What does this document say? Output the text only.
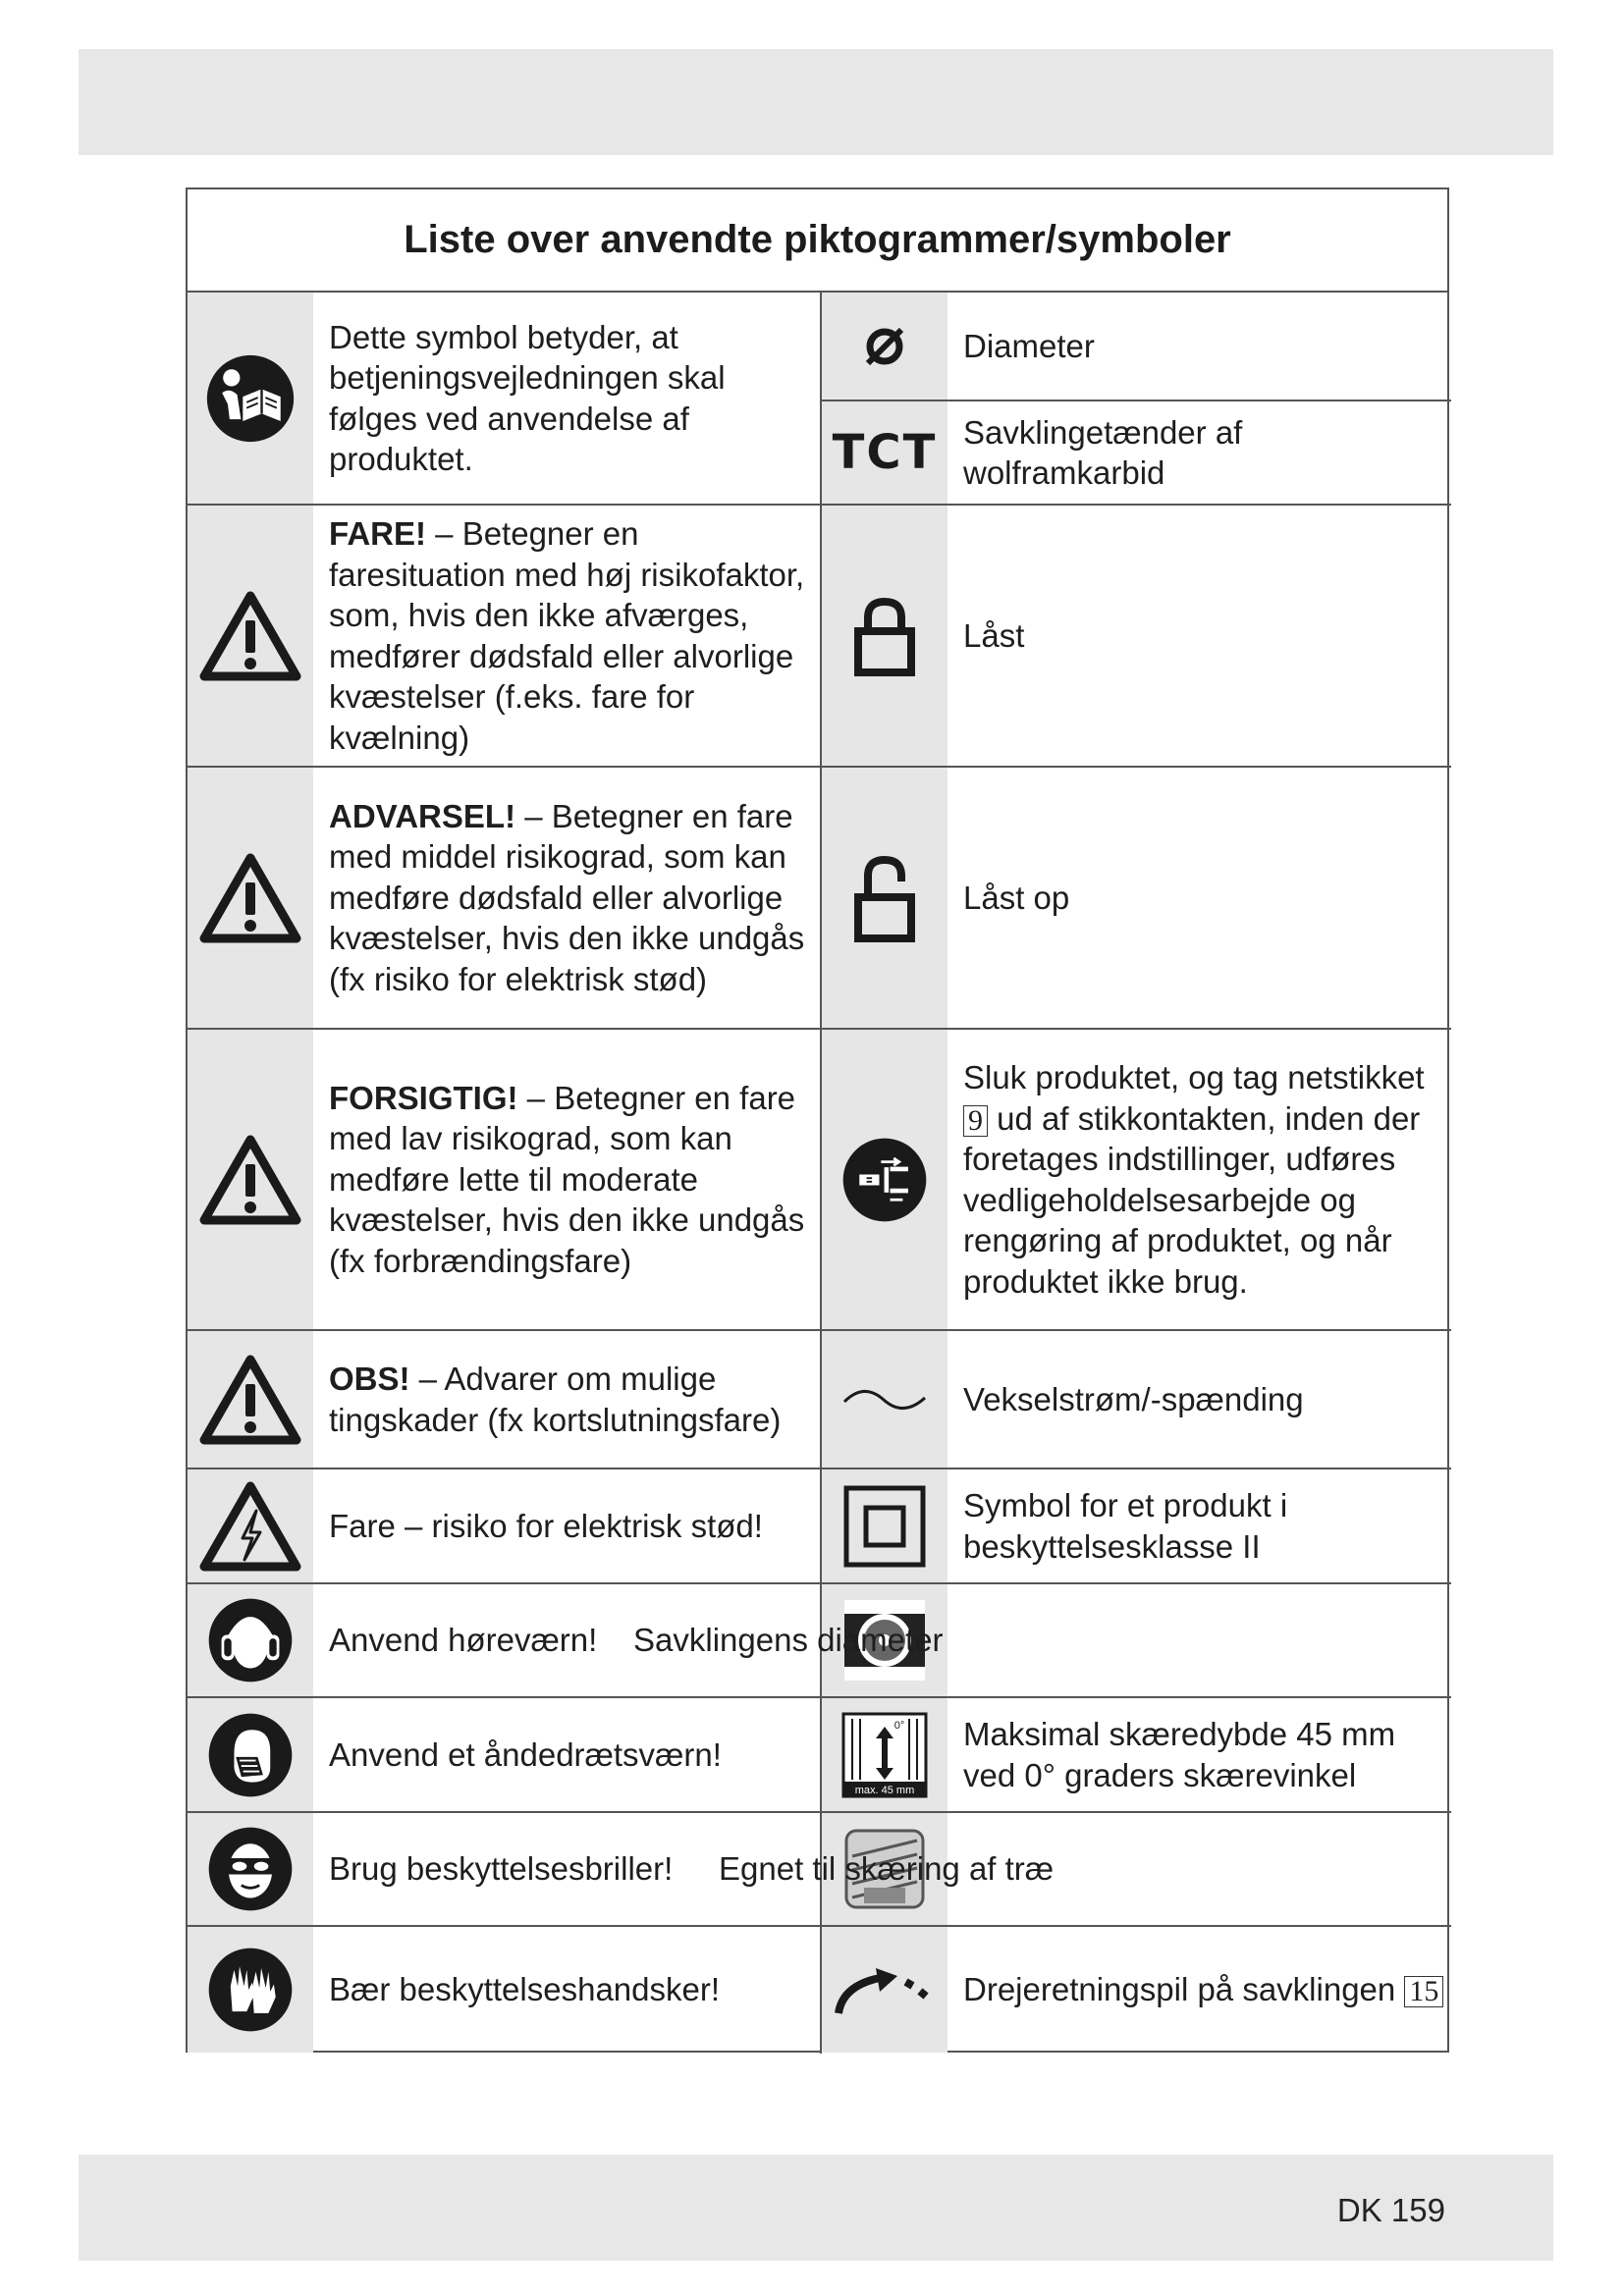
Liste over anvendte piktogrammer/symboler
Dette symbol betyder, at betjeningsvejledningen skal følges ved anvendelse af produktet.
FARE! – Betegner en faresituation med høj risikofaktor, som, hvis den ikke afværges, medfører dødsfald eller alvorlige kvæstelser (f.eks. fare for kvælning)
ADVARSEL! – Betegner en fare med middel risikograd, som kan medføre dødsfald eller alvorlige kvæstelser, hvis den ikke undgås (fx risiko for elektrisk stød)
FORSIGTIG! – Betegner en fare med lav risikograd, som kan medføre lette til moderate kvæstelser, hvis den ikke undgås (fx forbrændingsfare)
OBS! – Advarer om mulige tingskader (fx kortslutningsfare)
Fare – risiko for elektrisk stød!
Anvend høreværn!
Anvend et åndedrætsværn!
Brug beskyttelsesbriller!
Bær beskyttelseshandsker!
Diameter
TCT Savklingetænder af wolframkarbid
Låst
Låst op
Sluk produktet, og tag netstikket 9 ud af stikkontakten, inden der foretages indstillinger, udføres vedligeholdelsesarbejde og rengøring af produktet, og når produktet ikke brug.
Vekselstrøm/-spænding
Symbol for et produkt i beskyttelsesklasse II
max. 45 mm
0° Maksimal skæredybde 45 mm ved 0° graders skærevinkel
Drejeretningspil på savklingen 15
Savklingens diameter
Egnet til skæring af træ
DK 159
